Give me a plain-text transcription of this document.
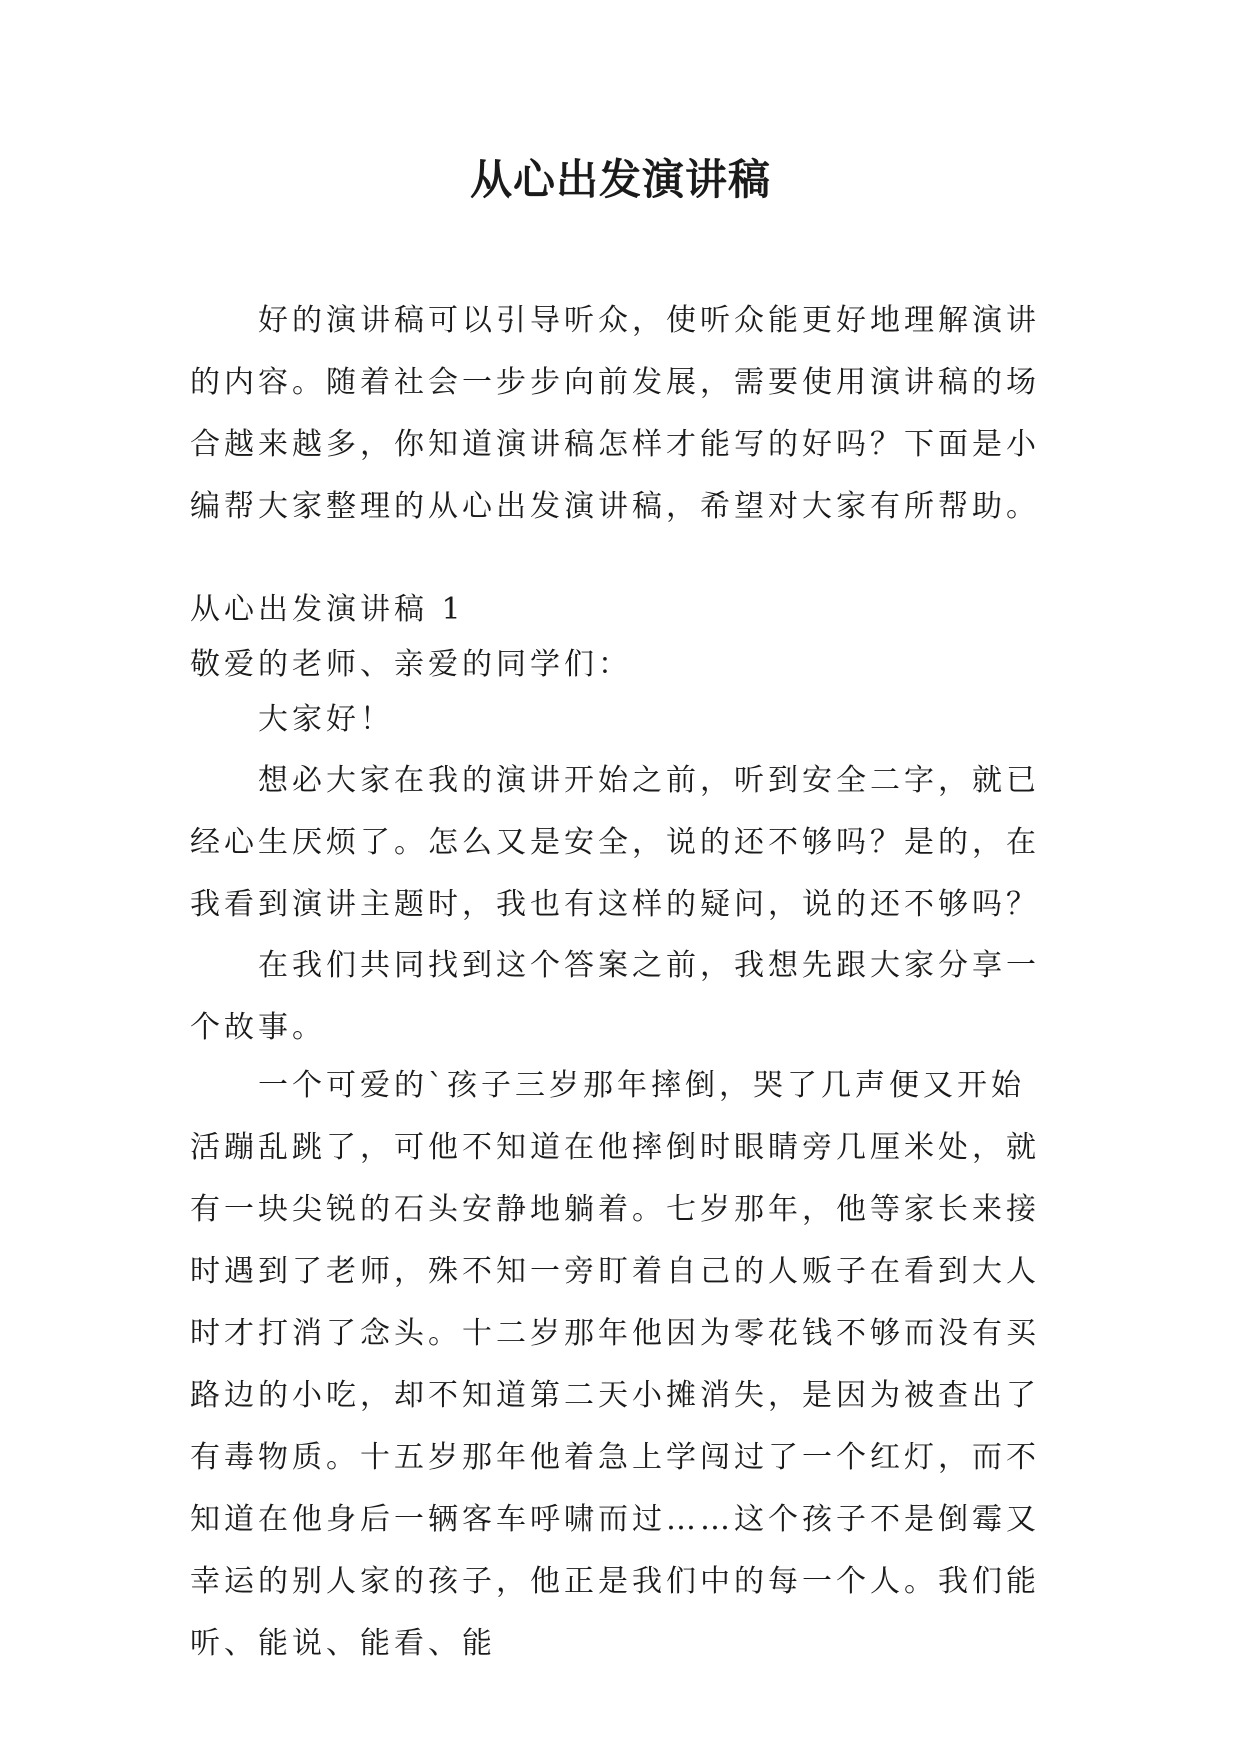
从心出发演讲稿

好的演讲稿可以引导听众，使听众能更好地理解演讲的内容。随着社会一步步向前发展，需要使用演讲稿的场合越来越多，你知道演讲稿怎样才能写的好吗？下面是小编帮大家整理的从心出发演讲稿，希望对大家有所帮助。

从心出发演讲稿 1

敬爱的老师、亲爱的同学们：

大家好！

想必大家在我的演讲开始之前，听到安全二字，就已经心生厌烦了。怎么又是安全，说的还不够吗？是的，在我看到演讲主题时，我也有这样的疑问，说的还不够吗？

在我们共同找到这个答案之前，我想先跟大家分享一个故事。

一个可爱的`孩子三岁那年摔倒，哭了几声便又开始活蹦乱跳了，可他不知道在他摔倒时眼睛旁几厘米处，就有一块尖锐的石头安静地躺着。七岁那年，他等家长来接时遇到了老师，殊不知一旁盯着自己的人贩子在看到大人时才打消了念头。十二岁那年他因为零花钱不够而没有买路边的小吃，却不知道第二天小摊消失，是因为被查出了有毒物质。十五岁那年他着急上学闯过了一个红灯，而不知道在他身后一辆客车呼啸而过……这个孩子不是倒霉又幸运的别人家的孩子，他正是我们中的每一个人。我们能听、能说、能看、能
